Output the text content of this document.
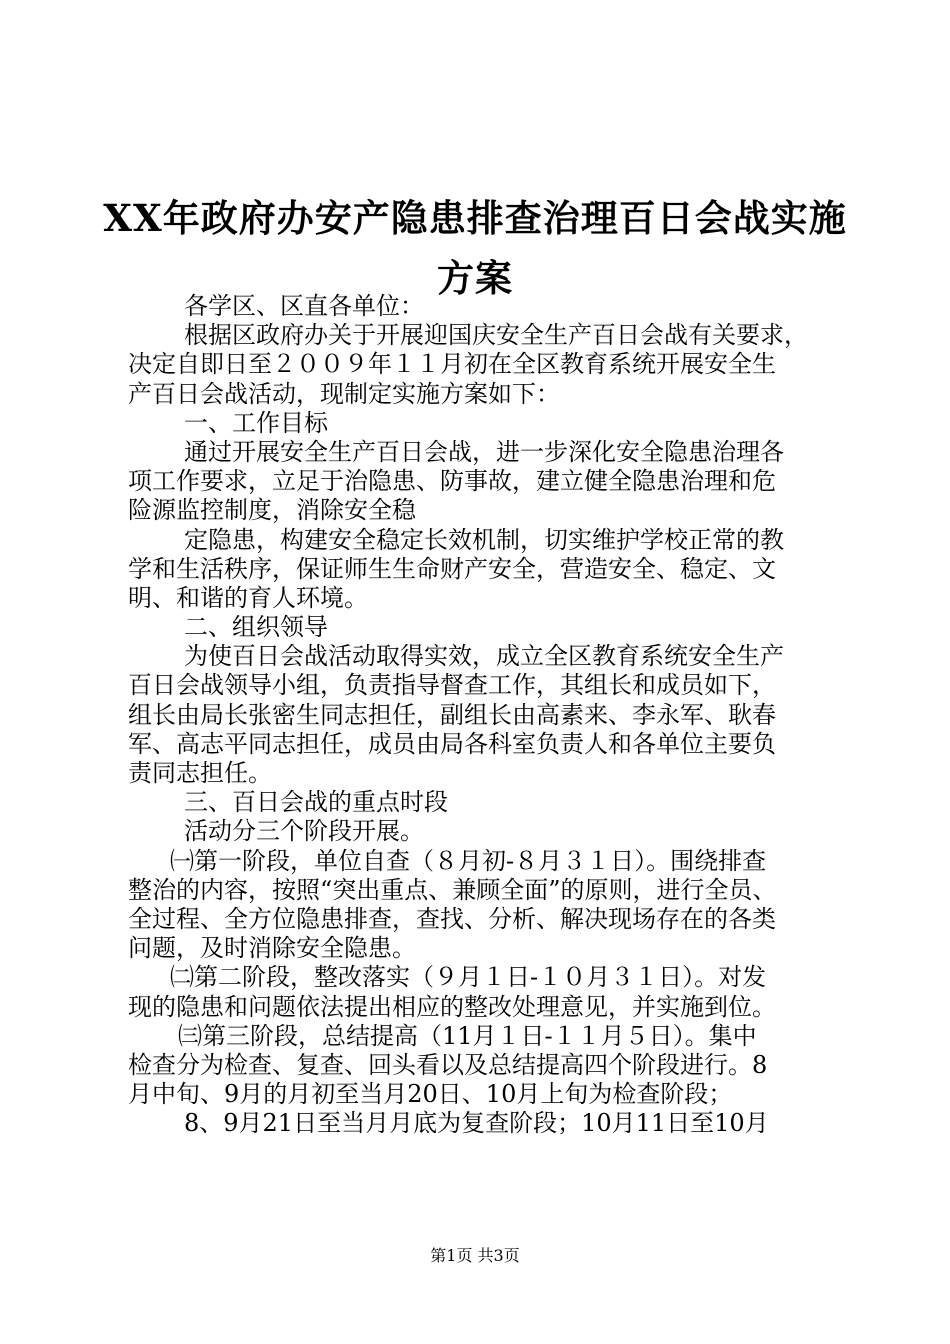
XX年政府办安产隐患排查治理百日会战实施
方案
各学区、区直各单位：
根据区政府办关于开展迎国庆安全生产百日会战有关要求，
决定自即日至２００９年１１月初在全区教育系统开展安全生
产百日会战活动，现制定实施方案如下：
一、工作目标
通过开展安全生产百日会战，进一步深化安全隐患治理各
项工作要求，立足于治隐患、防事故，建立健全隐患治理和危
险源监控制度，消除安全稳
定隐患，构建安全稳定长效机制，切实维护学校正常的教
学和生活秩序，保证师生生命财产安全，营造安全、稳定、文
明、和谐的育人环境。
二、组织领导
为使百日会战活动取得实效，成立全区教育系统安全生产
百日会战领导小组，负责指导督查工作，其组长和成员如下，
组长由局长张密生同志担任，副组长由高素来、李永军、耿春
军、高志平同志担任，成员由局各科室负责人和各单位主要负
责同志担任。
三、百日会战的重点时段
活动分三个阶段开展。
㈠第一阶段，单位自查（８月初-８月３１日）。围绕排查
整治的内容，按照“突出重点、兼顾全面”的原则，进行全员、
全过程、全方位隐患排查，查找、分析、解决现场存在的各类
问题，及时消除安全隐患。
㈡第二阶段，整改落实（９月１日-１０月３１日）。对发
现的隐患和问题依法提出相应的整改处理意见，并实施到位。
㈢第三阶段，总结提高（11月１日-１１月５日）。集中
检查分为检查、复查、回头看以及总结提高四个阶段进行。8
月中旬、9月的月初至当月20日、10月上旬为检查阶段；
8、9月21日至当月月底为复查阶段；10月11日至10月
第1页 共3页
